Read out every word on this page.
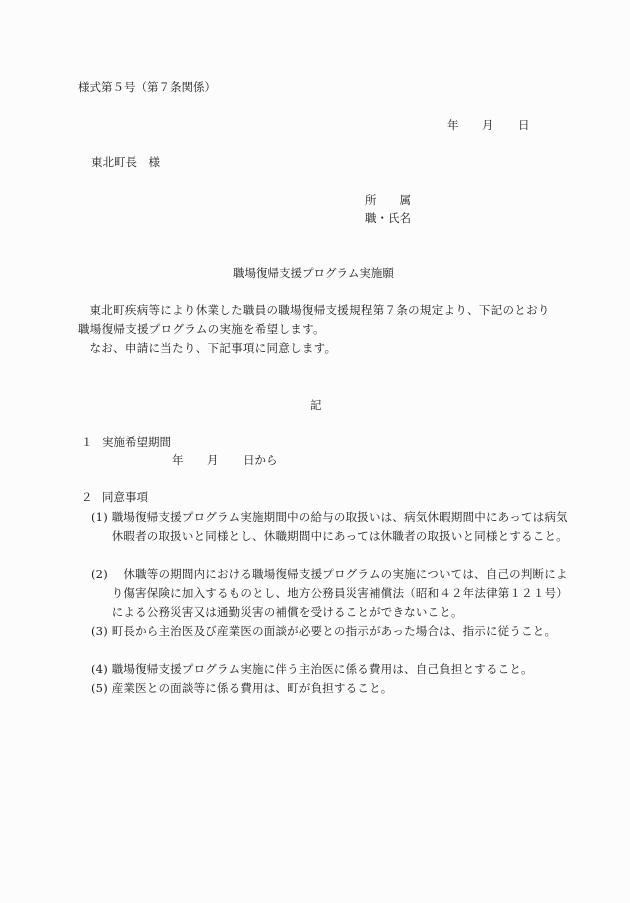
様式第５号（第７条関係）
年 月 日
東北町長　様
所　　属
職・氏名
職場復帰支援プログラム実施願
東北町疾病等により休業した職員の職場復帰支援規程第７条の規定より、下記のとおり職場復帰支援プログラムの実施を希望します。
なお、申請に当たり、下記事項に同意します。
記
１ 実施希望期間
年 月 日から
２ 同意事項
(1) 職場復帰支援プログラム実施期間中の給与の取扱いは、病気休暇期間中にあっては病気休暇者の取扱いと同様とし、休職期間中にあっては休職者の取扱いと同様とすること。
(2)　休職等の期間内における職場復帰支援プログラムの実施については、自己の判断により傷害保険に加入するものとし、地方公務員災害補償法（昭和４２年法律第１２１号）による公務災害又は通勤災害の補償を受けることができないこと。
(3) 町長から主治医及び産業医の面談が必要との指示があった場合は、指示に従うこと。
(4) 職場復帰支援プログラム実施に伴う主治医に係る費用は、自己負担とすること。
(5) 産業医との面談等に係る費用は、町が負担すること。
